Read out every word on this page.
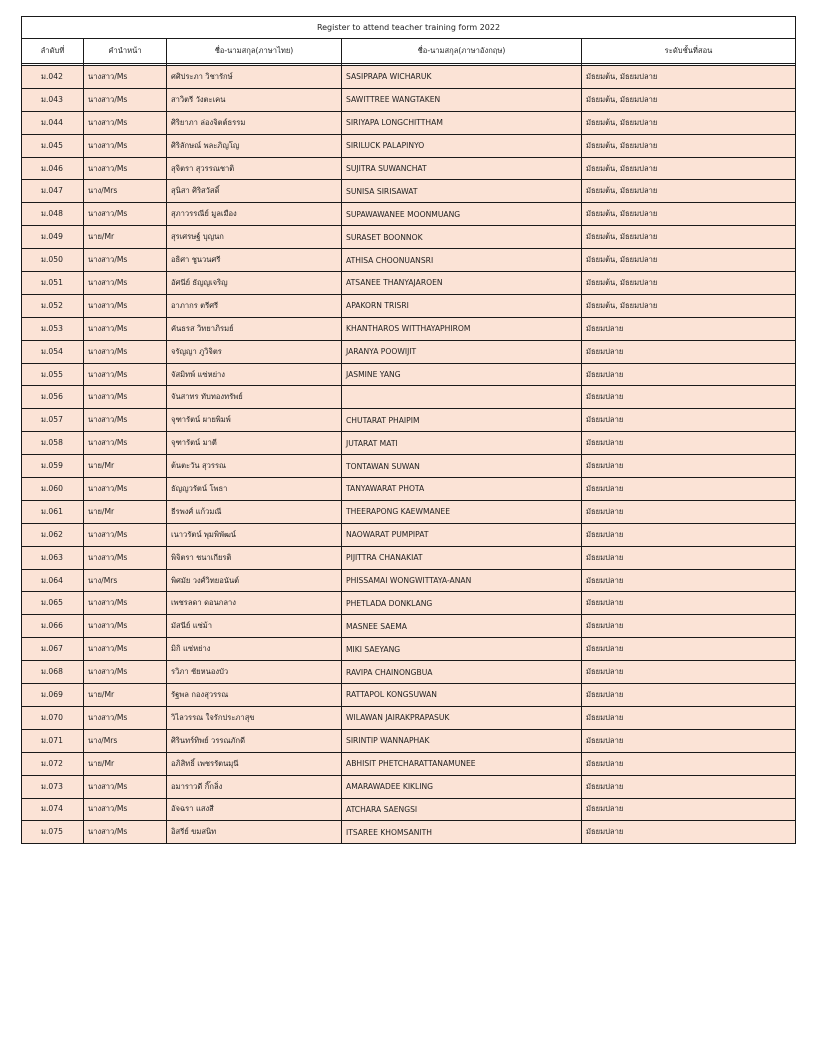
Register to attend teacher training form 2022				
ลำดับที่	คำนำหน้า	ชื่อ-นามสกุล(ภาษาไทย)	ชื่อ-นามสกุล(ภาษาอังกฤษ)	ระดับชั้นที่สอน

ม.042	นางสาว/Ms	ศศิประภา วิชารักษ์	SASIPRAPA WICHARUK	มัธยมต้น, มัธยมปลาย
ม.043	นางสาว/Ms	สาวิตรี วังตะเคน	SAWITTREE WANGTAKEN	มัธยมต้น, มัธยมปลาย
ม.044	นางสาว/Ms	ศิริยาภา ล่องจิตต์ธรรม	SIRIYAPA LONGCHITTHAM	มัธยมต้น, มัธยมปลาย
ม.045	นางสาว/Ms	ศิริลักษณ์ พละภิญโญ	SIRILUCK PALAPINYO	มัธยมต้น, มัธยมปลาย
ม.046	นางสาว/Ms	สุจิตรา สุวรรณชาติ	SUJITRA SUWANCHAT	มัธยมต้น, มัธยมปลาย
ม.047	นาง/Mrs	สุนิสา ศิริสวัสดิ์	SUNISA SIRISAWAT	มัธยมต้น, มัธยมปลาย
ม.048	นางสาว/Ms	สุภาวรรณีย์ มูลเมือง	SUPAWAWANEE MOONMUANG	มัธยมต้น, มัธยมปลาย
ม.049	นาย/Mr	สุรเศรษฐ์ บุญนก	SURASET BOONNOK	มัธยมต้น, มัธยมปลาย
ม.050	นางสาว/Ms	อธิศา ชูนวนศรี	ATHISA CHOONUANSRI	มัธยมต้น, มัธยมปลาย
ม.051	นางสาว/Ms	อัศนีย์ ธัญญเจริญ	ATSANEE THANYAJAROEN	มัธยมต้น, มัธยมปลาย
ม.052	นางสาว/Ms	อาภากร ตรีศรี	APAKORN TRISRI	มัธยมต้น, มัธยมปลาย
ม.053	นางสาว/Ms	คันธรส วิทยาภิรมย์	KHANTHAROS WITTHAYAPHIROM	มัธยมปลาย
ม.054	นางสาว/Ms	จรัญญา ภูวิจิตร	JARANYA POOWIJIT	มัธยมปลาย
ม.055	นางสาว/Ms	จัสมิทพ์ แซ่หย่าง	JASMINE YANG	มัธยมปลาย
ม.056	นางสาว/Ms	จันสาทร ทับทองทรัพย์		มัธยมปลาย
ม.057	นางสาว/Ms	จุฑารัตน์ ผายพิมพ์	CHUTARAT PHAIPIM	มัธยมปลาย
ม.058	นางสาว/Ms	จุฑารัตน์ มาตี	JUTARAT MATI	มัธยมปลาย
ม.059	นาย/Mr	ต้นตะวัน สุวรรณ	TONTAWAN SUWAN	มัธยมปลาย
ม.060	นางสาว/Ms	ธัญญวรัตน์ โพธา	TANYAWARAT PHOTA	มัธยมปลาย
ม.061	นาย/Mr	ธีรพงศ์ แก้วมณี	THEERAPONG KAEWMANEE	มัธยมปลาย
ม.062	นางสาว/Ms	เนาวรัตน์ พุมพิพัฒน์	NAOWARAT PUMPIPAT	มัธยมปลาย
ม.063	นางสาว/Ms	พิจิตรา ชนาเกียรติ	PIJITTRA CHANAKIAT	มัธยมปลาย
ม.064	นาง/Mrs	พิศมัย วงศ์วิทยอนันต์	PHISSAMAI WONGWITTAYA-ANAN	มัธยมปลาย
ม.065	นางสาว/Ms	เพชรลดา ดอนกลาง	PHETLADA DONKLANG	มัธยมปลาย
ม.066	นางสาว/Ms	มัสนีย์ แซ่ม้า	MASNEE SAEMA	มัธยมปลาย
ม.067	นางสาว/Ms	มิกิ แซ่หย่าง	MIKI SAEYANG	มัธยมปลาย
ม.068	นางสาว/Ms	รวิภา ชัยหนองบัว	RAVIPA CHAINONGBUA	มัธยมปลาย
ม.069	นาย/Mr	รัฐพล กองสุวรรณ	RATTAPOL KONGSUWAN	มัธยมปลาย
ม.070	นางสาว/Ms	วิไลวรรณ ใจรักประภาสุข	WILAWAN JAIRAKPRAPASUK	มัธยมปลาย
ม.071	นาง/Mrs	ศิรินทร์ทิพย์ วรรณภักดี	SIRINTIP WANNAPHAK	มัธยมปลาย
ม.072	นาย/Mr	อภิสิทธิ์ เพชรรัตนมุนี	ABHISIT PHETCHARATTANAMUNEE	มัธยมปลาย
ม.073	นางสาว/Ms	อมาราวดี กิ๊กลิ่ง	AMARAWADEE KIKLING	มัธยมปลาย
ม.074	นางสาว/Ms	อัจฉรา แสงสี	ATCHARA SAENGSI	มัธยมปลาย
ม.075	นางสาว/Ms	อิสรีย์ ขมสนิท	ITSAREE KHOMSANITH	มัธยมปลาย
